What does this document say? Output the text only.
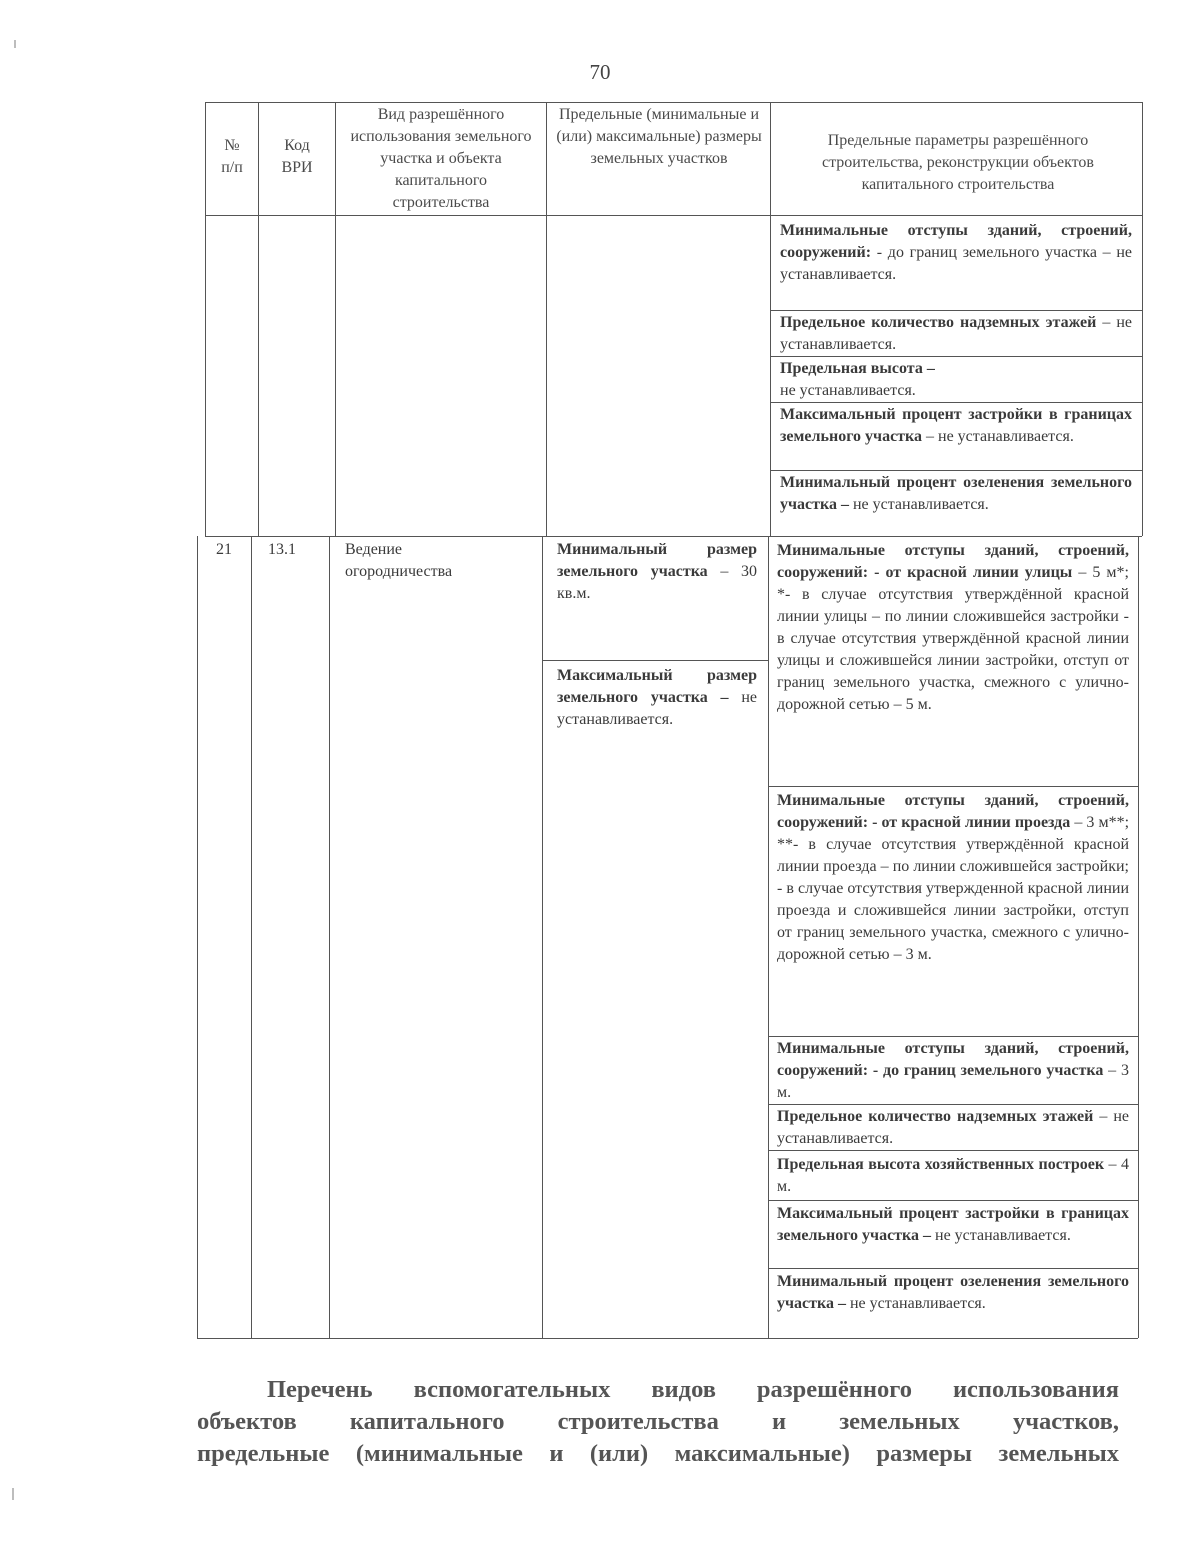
70
№
п/п
Код
ВРИ
Вид разрешённого использования земельного участка и объекта капитального строительства
Предельные (минимальные и (или) максимальные) размеры земельных участков
Предельные параметры разрешённого строительства, реконструкции объектов капитального строительства
Минимальные отступы зданий, строений, сооружений: - до границ земельного участка – не устанавливается.
Предельное количество надземных этажей – не устанавливается.
Предельная высота –
не устанавливается.
Максимальный процент застройки в границах земельного участка – не устанавливается.
Минимальный процент озеленения земельного участка – не устанавливается.
21	13.1	Ведение огородничества
Минимальный размер земельного участка – 30 кв.м.
Максимальный размер земельного участка – не устанавливается.
Минимальные отступы зданий, строений, сооружений: - от красной линии улицы – 5 м*; *- в случае отсутствия утверждённой красной линии улицы – по линии сложившейся застройки - в случае отсутствия утверждённой красной линии улицы и сложившейся линии застройки, отступ от границ земельного участка, смежного с улично-дорожной сетью – 5 м.
Минимальные отступы зданий, строений, сооружений: - от красной линии проезда – 3 м**; **- в случае отсутствия утверждённой красной линии проезда – по линии сложившейся застройки; - в случае отсутствия утвержденной красной линии проезда и сложившейся линии застройки, отступ от границ земельного участка, смежного с улично-дорожной сетью – 3 м.
Минимальные отступы зданий, строений, сооружений: - до границ земельного участка – 3 м.
Предельное количество надземных этажей – не устанавливается.
Предельная высота хозяйственных построек – 4 м.
Максимальный процент застройки в границах земельного участка – не устанавливается.
Минимальный процент озеленения земельного участка – не устанавливается.
Перечень вспомогательных видов разрешённого использования
объектов капитального строительства и земельных участков,
предельные (минимальные и (или) максимальные) размеры земельных
